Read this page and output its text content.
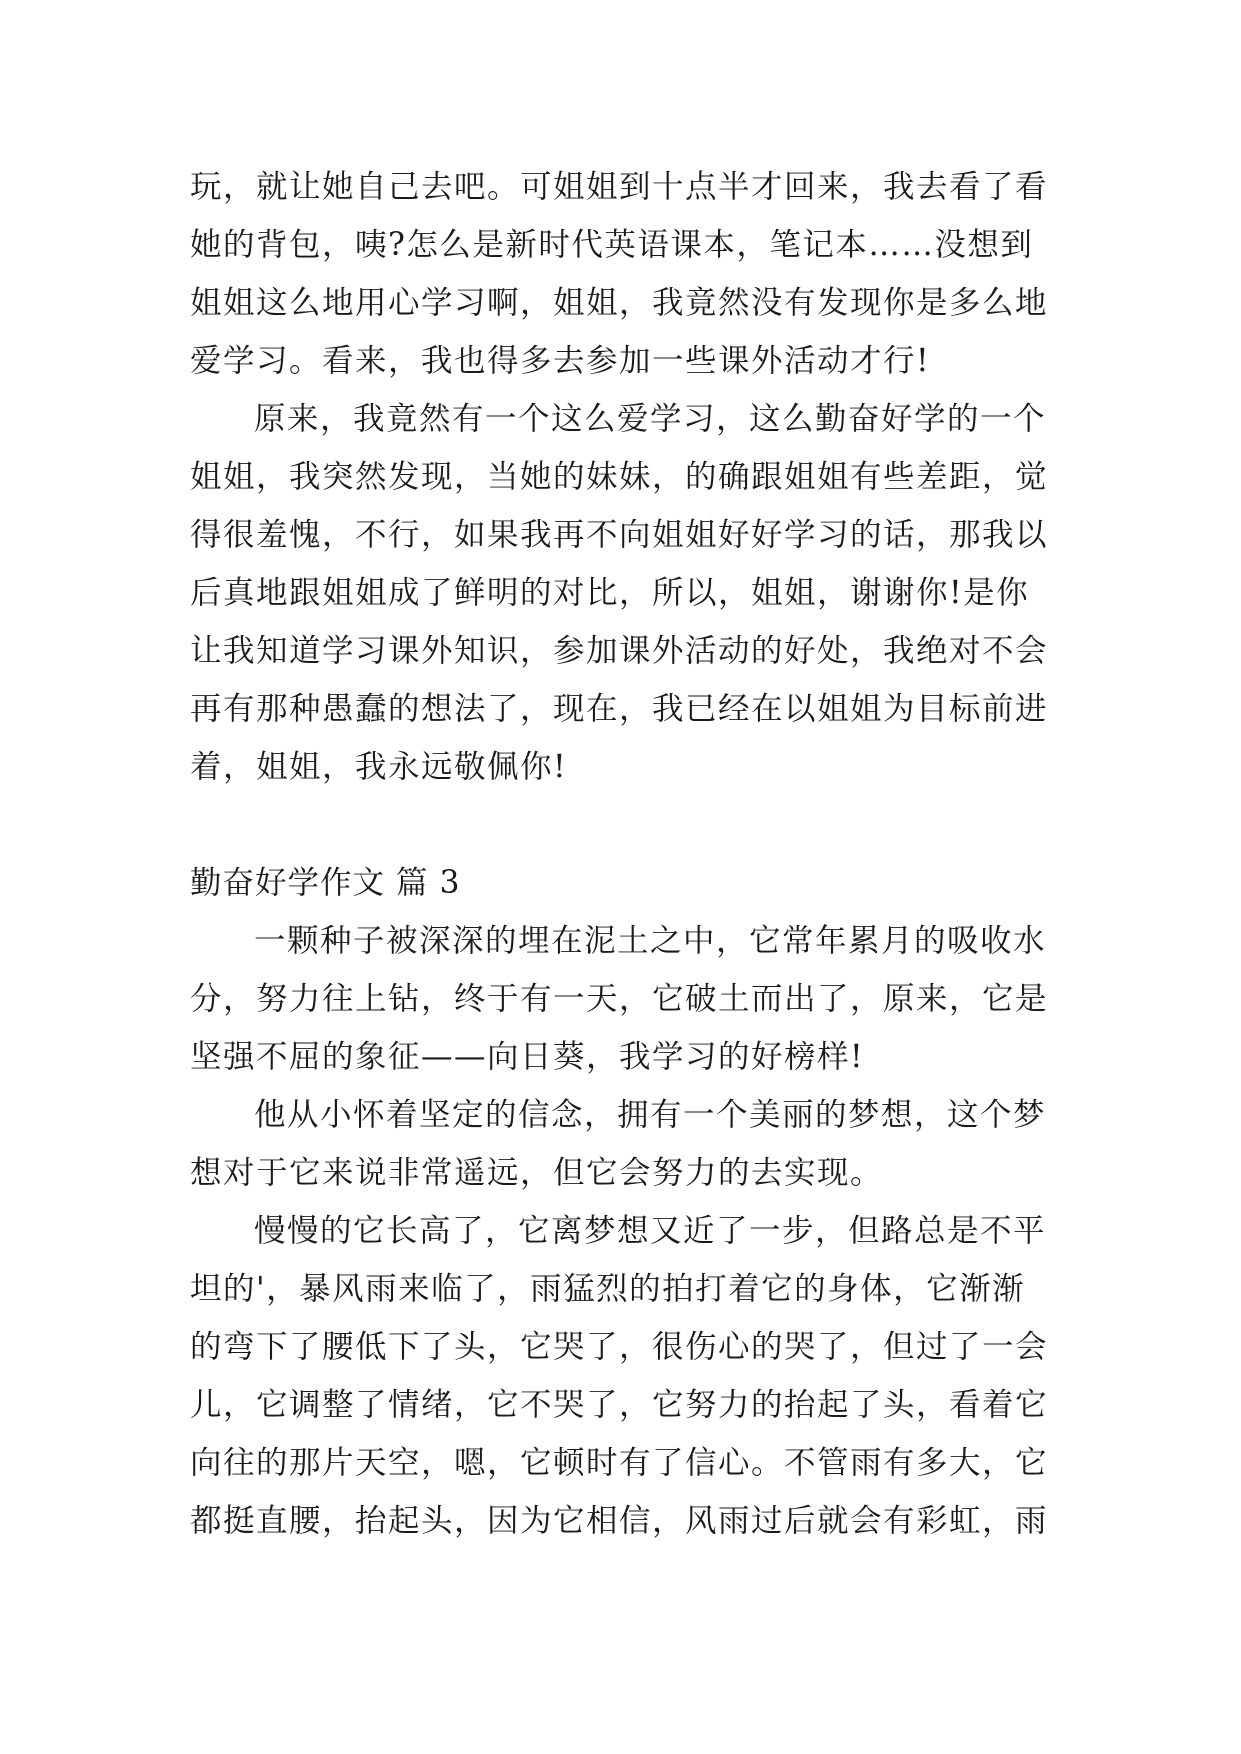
玩，就让她自己去吧。可姐姐到十点半才回来，我去看了看
她的背包，咦?怎么是新时代英语课本，笔记本……没想到
姐姐这么地用心学习啊，姐姐，我竟然没有发现你是多么地
爱学习。看来，我也得多去参加一些课外活动才行!
原来，我竟然有一个这么爱学习，这么勤奋好学的一个
姐姐，我突然发现，当她的妹妹，的确跟姐姐有些差距，觉
得很羞愧，不行，如果我再不向姐姐好好学习的话，那我以
后真地跟姐姐成了鲜明的对比，所以，姐姐，谢谢你!是你
让我知道学习课外知识，参加课外活动的好处，我绝对不会
再有那种愚蠢的想法了，现在，我已经在以姐姐为目标前进
着，姐姐，我永远敬佩你!
勤奋好学作文 篇 3
一颗种子被深深的埋在泥土之中，它常年累月的吸收水
分，努力往上钻，终于有一天，它破土而出了，原来，它是
坚强不屈的象征——向日葵，我学习的好榜样!
他从小怀着坚定的信念，拥有一个美丽的梦想，这个梦
想对于它来说非常遥远，但它会努力的去实现。
慢慢的它长高了，它离梦想又近了一步，但路总是不平
坦的'，暴风雨来临了，雨猛烈的拍打着它的身体，它渐渐
的弯下了腰低下了头，它哭了，很伤心的哭了，但过了一会
儿，它调整了情绪，它不哭了，它努力的抬起了头，看着它
向往的那片天空，嗯，它顿时有了信心。不管雨有多大，它
都挺直腰，抬起头，因为它相信，风雨过后就会有彩虹，雨
